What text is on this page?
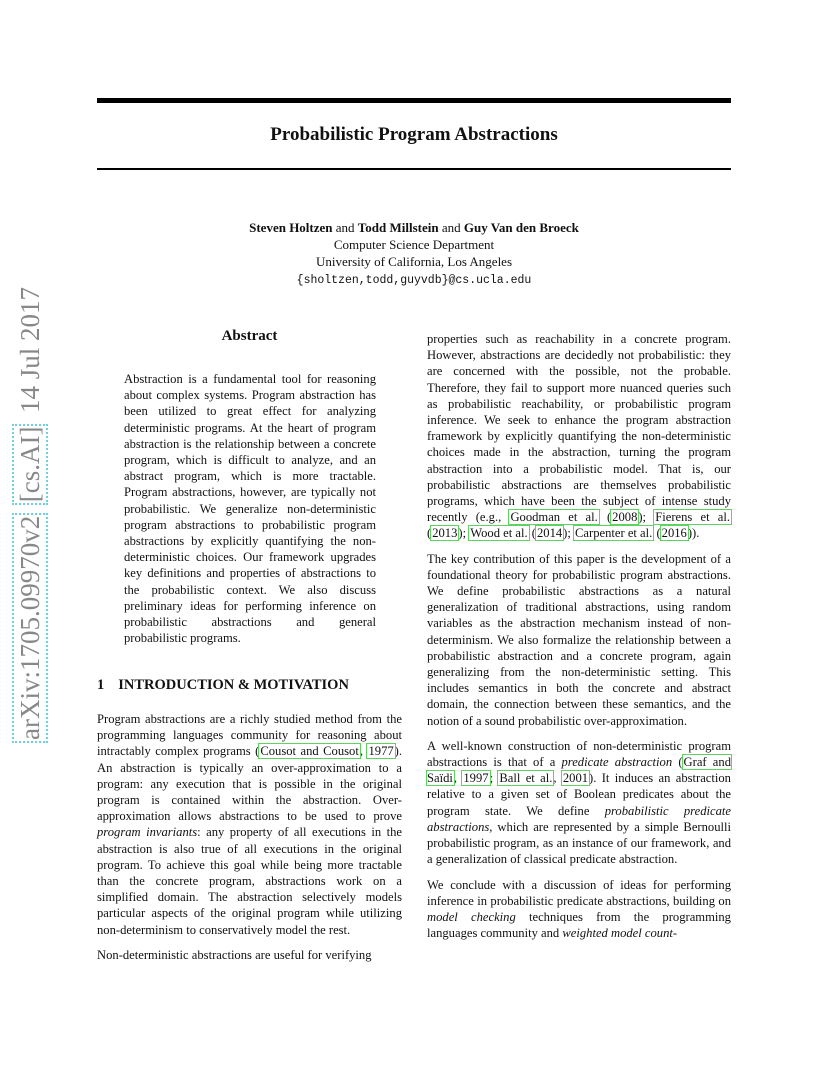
arXiv:1705.09970v2  [cs.AI]  14 Jul 2017
Probabilistic Program Abstractions
Steven Holtzen and Todd Millstein and Guy Van den Broeck
Computer Science Department
University of California, Los Angeles
{sholtzen,todd,guyvdb}@cs.ucla.edu
Abstract
Abstraction is a fundamental tool for reasoning about complex systems. Program abstraction has been utilized to great effect for analyzing deterministic programs. At the heart of program abstraction is the relationship between a concrete program, which is difficult to analyze, and an abstract program, which is more tractable. Program abstractions, however, are typically not probabilistic. We generalize non-deterministic program abstractions to probabilistic program abstractions by explicitly quantifying the non-deterministic choices. Our framework upgrades key definitions and properties of abstractions to the probabilistic context. We also discuss preliminary ideas for performing inference on probabilistic abstractions and general probabilistic programs.
1 INTRODUCTION & MOTIVATION

Program abstractions are a richly studied method from the programming languages community for reasoning about intractably complex programs (Cousot and Cousot, 1977). An abstraction is typically an over-approximation to a program: any execution that is possible in the original program is contained within the abstraction. Over-approximation allows abstractions to be used to prove program invariants: any property of all executions in the abstraction is also true of all executions in the original program. To achieve this goal while being more tractable than the concrete program, abstractions work on a simplified domain. The abstraction selectively models particular aspects of the original program while utilizing non-determinism to conservatively model the rest.

Non-deterministic abstractions are useful for verifying

properties such as reachability in a concrete program. However, abstractions are decidedly not probabilistic: they are concerned with the possible, not the probable. Therefore, they fail to support more nuanced queries such as probabilistic reachability, or probabilistic program inference. We seek to enhance the program abstraction framework by explicitly quantifying the non-deterministic choices made in the abstraction, turning the program abstraction into a probabilistic model. That is, our probabilistic abstractions are themselves probabilistic programs, which have been the subject of intense study recently (e.g., Goodman et al. (2008); Fierens et al. (2013); Wood et al. (2014); Carpenter et al. (2016)).

The key contribution of this paper is the development of a foundational theory for probabilistic program abstractions. We define probabilistic abstractions as a natural generalization of traditional abstractions, using random variables as the abstraction mechanism instead of non-determinism. We also formalize the relationship between a probabilistic abstraction and a concrete program, again generalizing from the non-deterministic setting. This includes semantics in both the concrete and abstract domain, the connection between these semantics, and the notion of a sound probabilistic over-approximation.

A well-known construction of non-deterministic program abstractions is that of a predicate abstraction (Graf and Saïdi, 1997; Ball et al., 2001). It induces an abstraction relative to a given set of Boolean predicates about the program state. We define probabilistic predicate abstractions, which are represented by a simple Bernoulli probabilistic program, as an instance of our framework, and a generalization of classical predicate abstraction.

We conclude with a discussion of ideas for performing inference in probabilistic predicate abstractions, building on model checking techniques from the programming languages community and weighted model count-
